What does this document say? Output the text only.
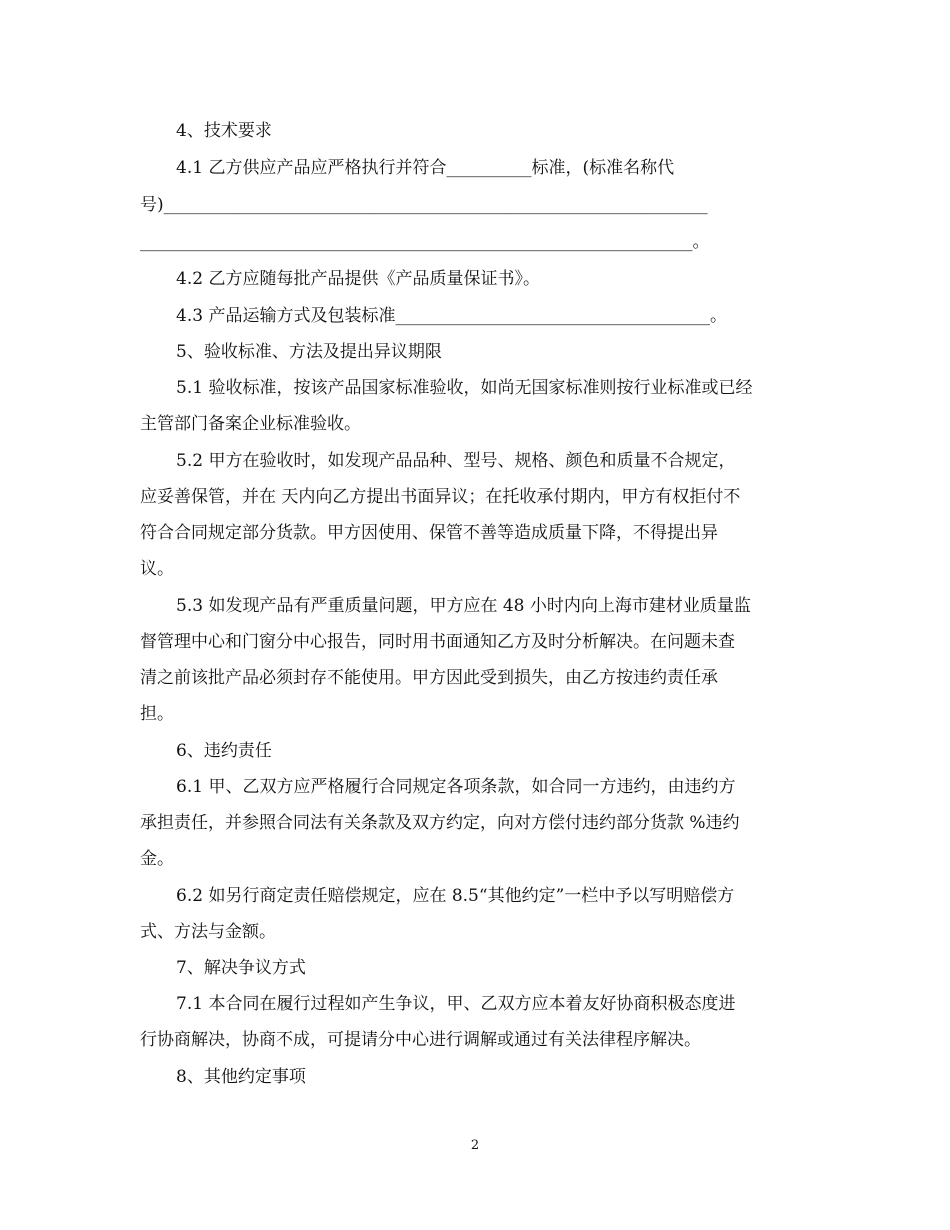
4、技术要求
4.1 乙方供应产品应严格执行并符合__________标准，(标准名称代
号)________________________________________________________________
_________________________________________________________________。
4.2 乙方应随每批产品提供《产品质量保证书》。
4.3 产品运输方式及包装标准_____________________________________。
5、验收标准、方法及提出异议期限
5.1 验收标准，按该产品国家标准验收，如尚无国家标准则按行业标准或已经
主管部门备案企业标准验收。
5.2 甲方在验收时，如发现产品品种、型号、规格、颜色和质量不合规定，
应妥善保管，并在 天内向乙方提出书面异议；在托收承付期内，甲方有权拒付不
符合合同规定部分货款。甲方因使用、保管不善等造成质量下降，不得提出异
议。
5.3 如发现产品有严重质量问题，甲方应在 48 小时内向上海市建材业质量监
督管理中心和门窗分中心报告，同时用书面通知乙方及时分析解决。在问题未查
清之前该批产品必须封存不能使用。甲方因此受到损失，由乙方按违约责任承
担。
6、违约责任
6.1 甲、乙双方应严格履行合同规定各项条款，如合同一方违约，由违约方
承担责任，并参照合同法有关条款及双方约定，向对方偿付违约部分货款 %违约
金。
6.2 如另行商定责任赔偿规定，应在 8.5“其他约定”一栏中予以写明赔偿方
式、方法与金额。
7、解决争议方式
7.1 本合同在履行过程如产生争议，甲、乙双方应本着友好协商积极态度进
行协商解决，协商不成，可提请分中心进行调解或通过有关法律程序解决。
8、其他约定事项
2
